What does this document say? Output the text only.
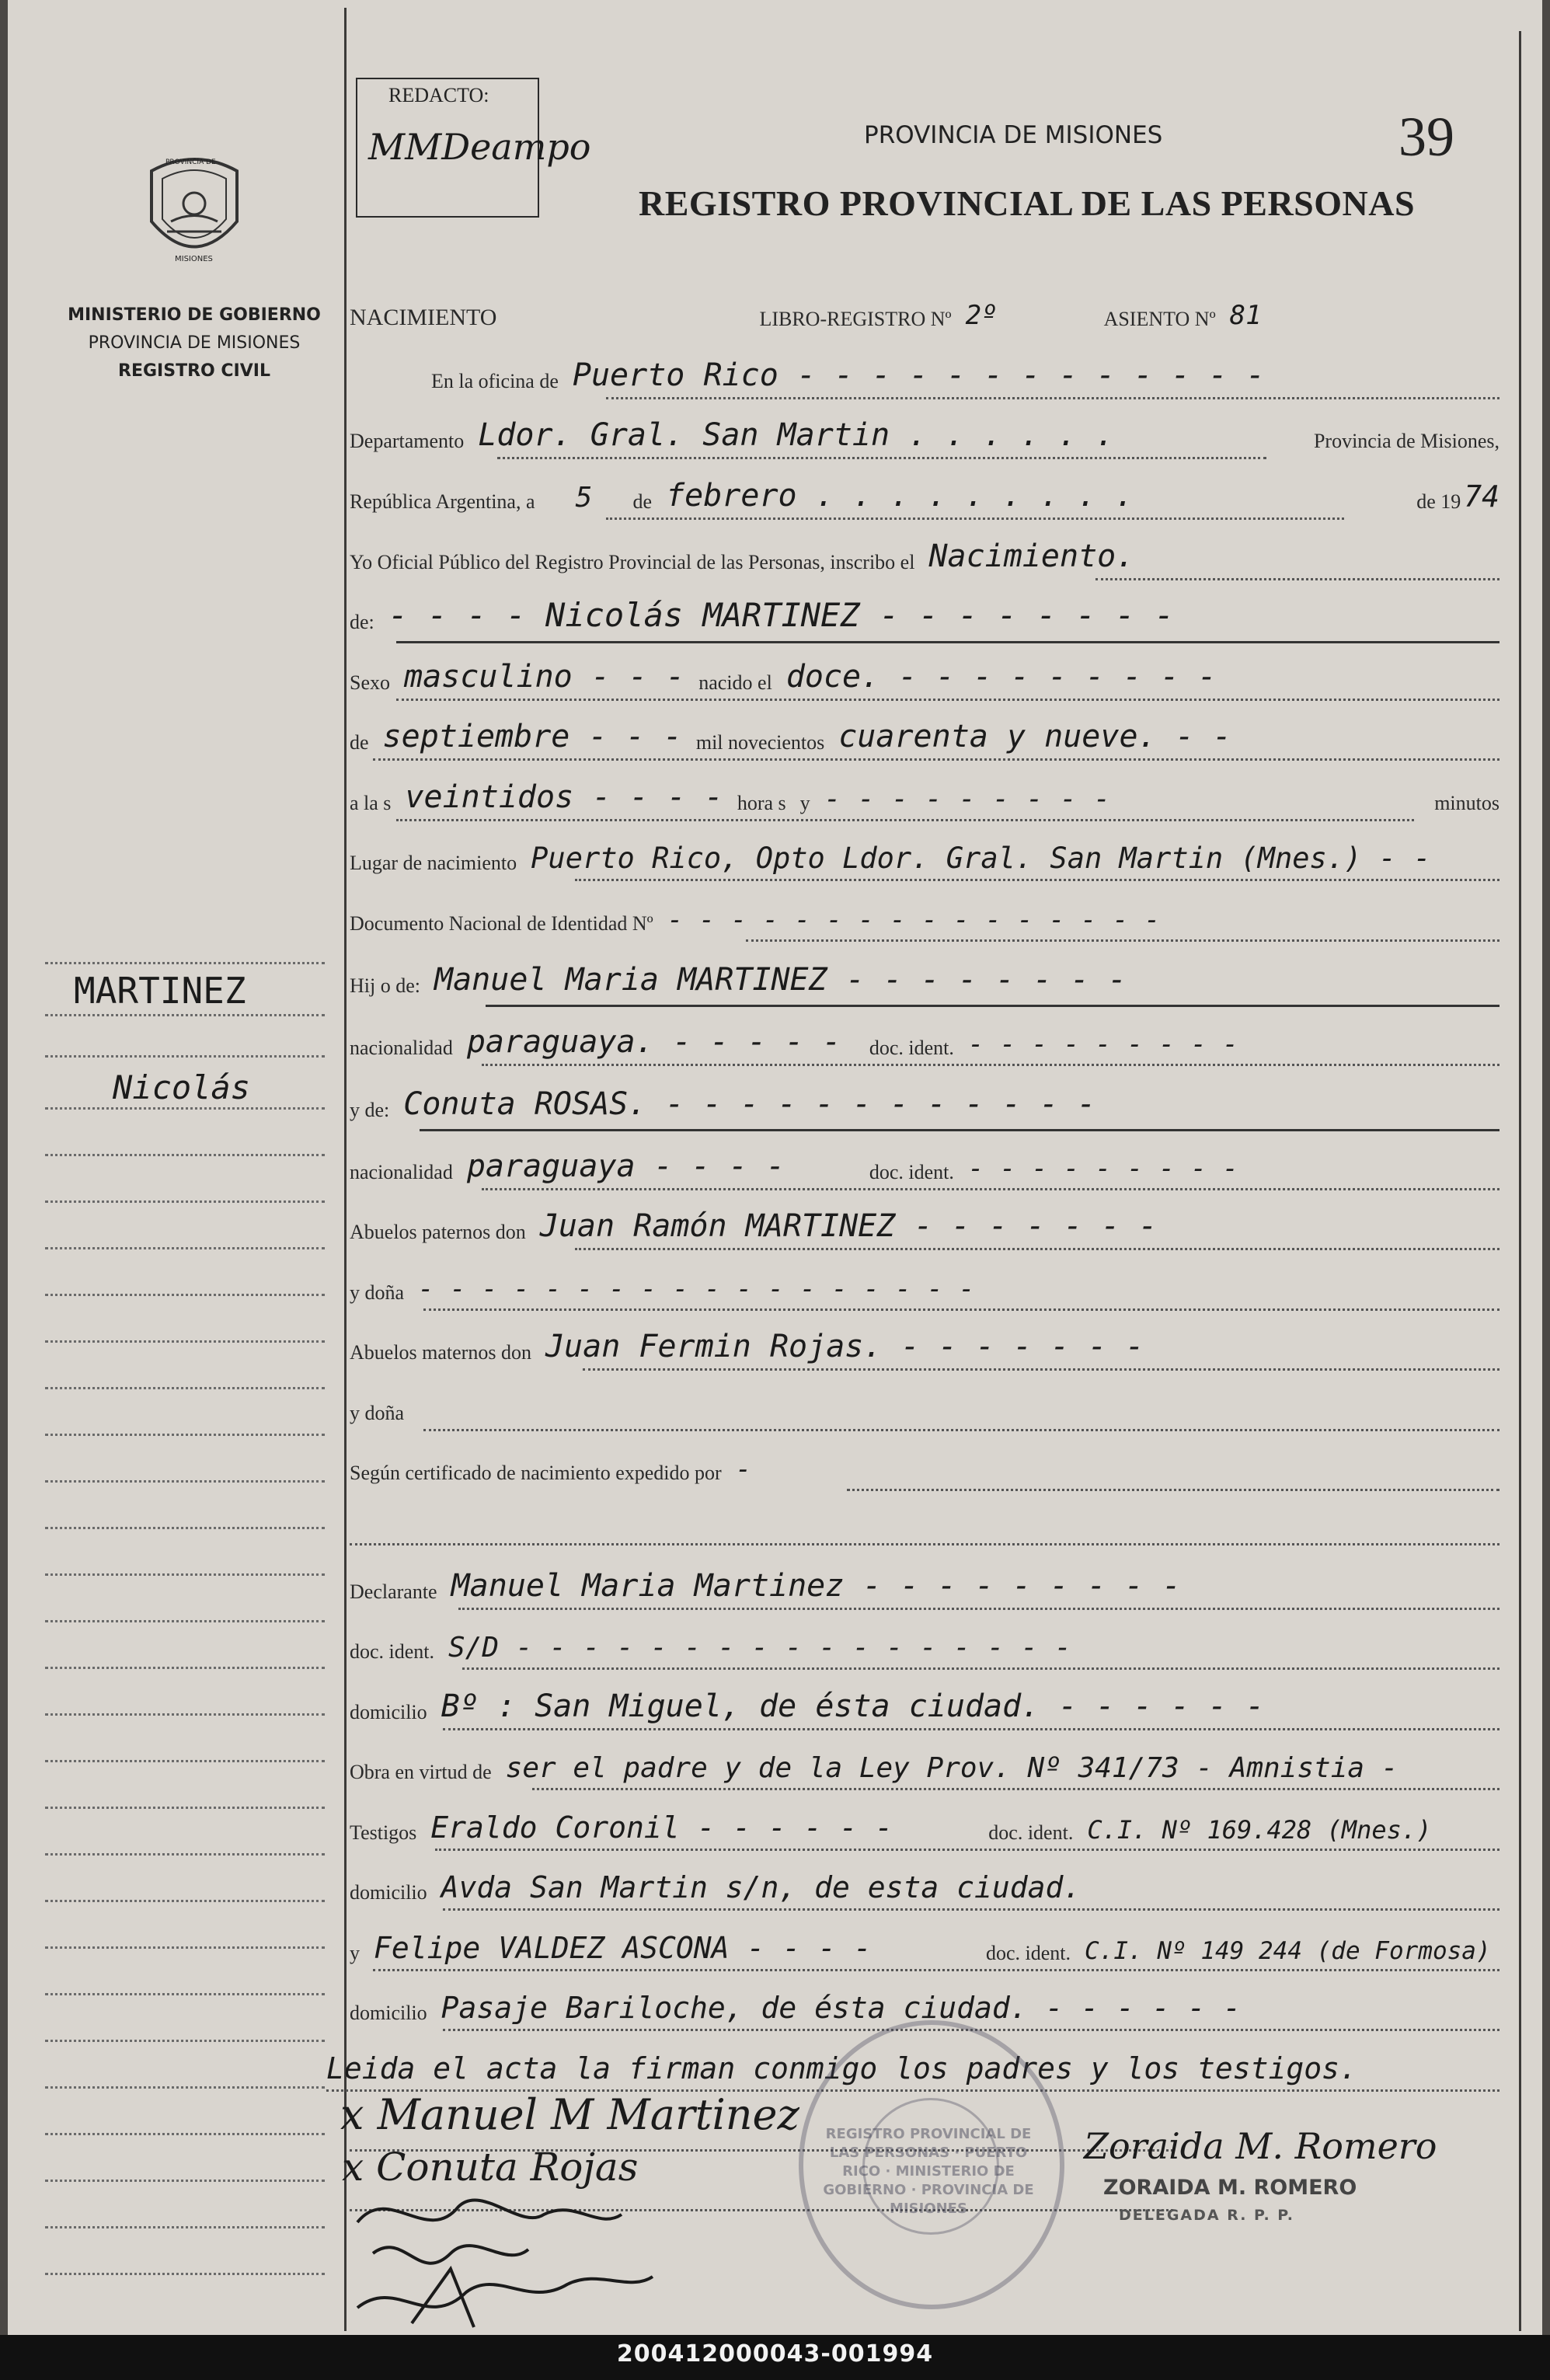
200412000043-001994
PROVINCIA DE
MISIONES
MINISTERIO DE GOBIERNO
PROVINCIA DE MISIONES
REGISTRO CIVIL
REDACTO:
MMDeampo	PROVINCIA DE MISIONES
REGISTRO PROVINCIAL DE LAS PERSONAS
39
MARTINEZ
Nicolás
NACIMIENTO	LIBRO-REGISTRO Nº 2º	ASIENTO Nº 81
En la oficina de Puerto Rico - - - - - - - - - - - - -
Departamento Ldor. Gral. San Martin . . . . . .	Provincia de Misiones,
República Argentina, a	5	de febrero . . . . . . . . .	de 19 74
Yo Oficial Público del Registro Provincial de las Personas, inscribo el Nacimiento.
de: - - - - Nicolás MARTINEZ - - - - - - - -
Sexo masculino - - - nacido el doce. - - - - - - - - -
de septiembre - - - mil novecientos cuarenta y nueve. - -
a la s veintidos - - - - hora s y - - - - - - - - -	minutos
Lugar de nacimiento Puerto Rico, Opto Ldor. Gral. San Martin (Mnes.) - -
Documento Nacional de Identidad Nº - - - - - - - - - - - - - - - -
Hij o de: Manuel Maria MARTINEZ - - - - - - - -
nacionalidad paraguaya. - - - - -	doc. ident. - - - - - - - - -
y de: Conuta ROSAS. - - - - - - - - - - - -
nacionalidad paraguaya - - - -	doc. ident. - - - - - - - - -
Abuelos paternos don Juan Ramón MARTINEZ - - - - - - -
y doña - - - - - - - - - - - - - - - - - -
Abuelos maternos don Juan Fermin Rojas. - - - - - - -
y doña
Según certificado de nacimiento expedido por -
Declarante Manuel Maria Martinez - - - - - - - - -
doc. ident. S/D - - - - - - - - - - - - - - - - -
domicilio Bº : San Miguel, de ésta ciudad. - - - - - -
Obra en virtud de ser el padre y de la Ley Prov. Nº 341/73 - Amnistia -
Testigos Eraldo Coronil - - - - - -	doc. ident. C.I. Nº 169.428 (Mnes.)
domicilio Avda San Martin s/n, de esta ciudad.
y Felipe VALDEZ ASCONA - - - -	doc. ident. C.I. Nº 149 244 (de Formosa)
domicilio Pasaje Bariloche, de ésta ciudad. - - - - - -
Leida el acta la firman conmigo los padres y los testigos.
x Manuel M Martinez
x Conuta Rojas
REGISTRO PROVINCIAL DE LAS PERSONAS · PUERTO RICO · MINISTERIO DE GOBIERNO · PROVINCIA DE MISIONES
Zoraida M. Romero
ZORAIDA M. ROMERO
DELEGADA R. P. P.
